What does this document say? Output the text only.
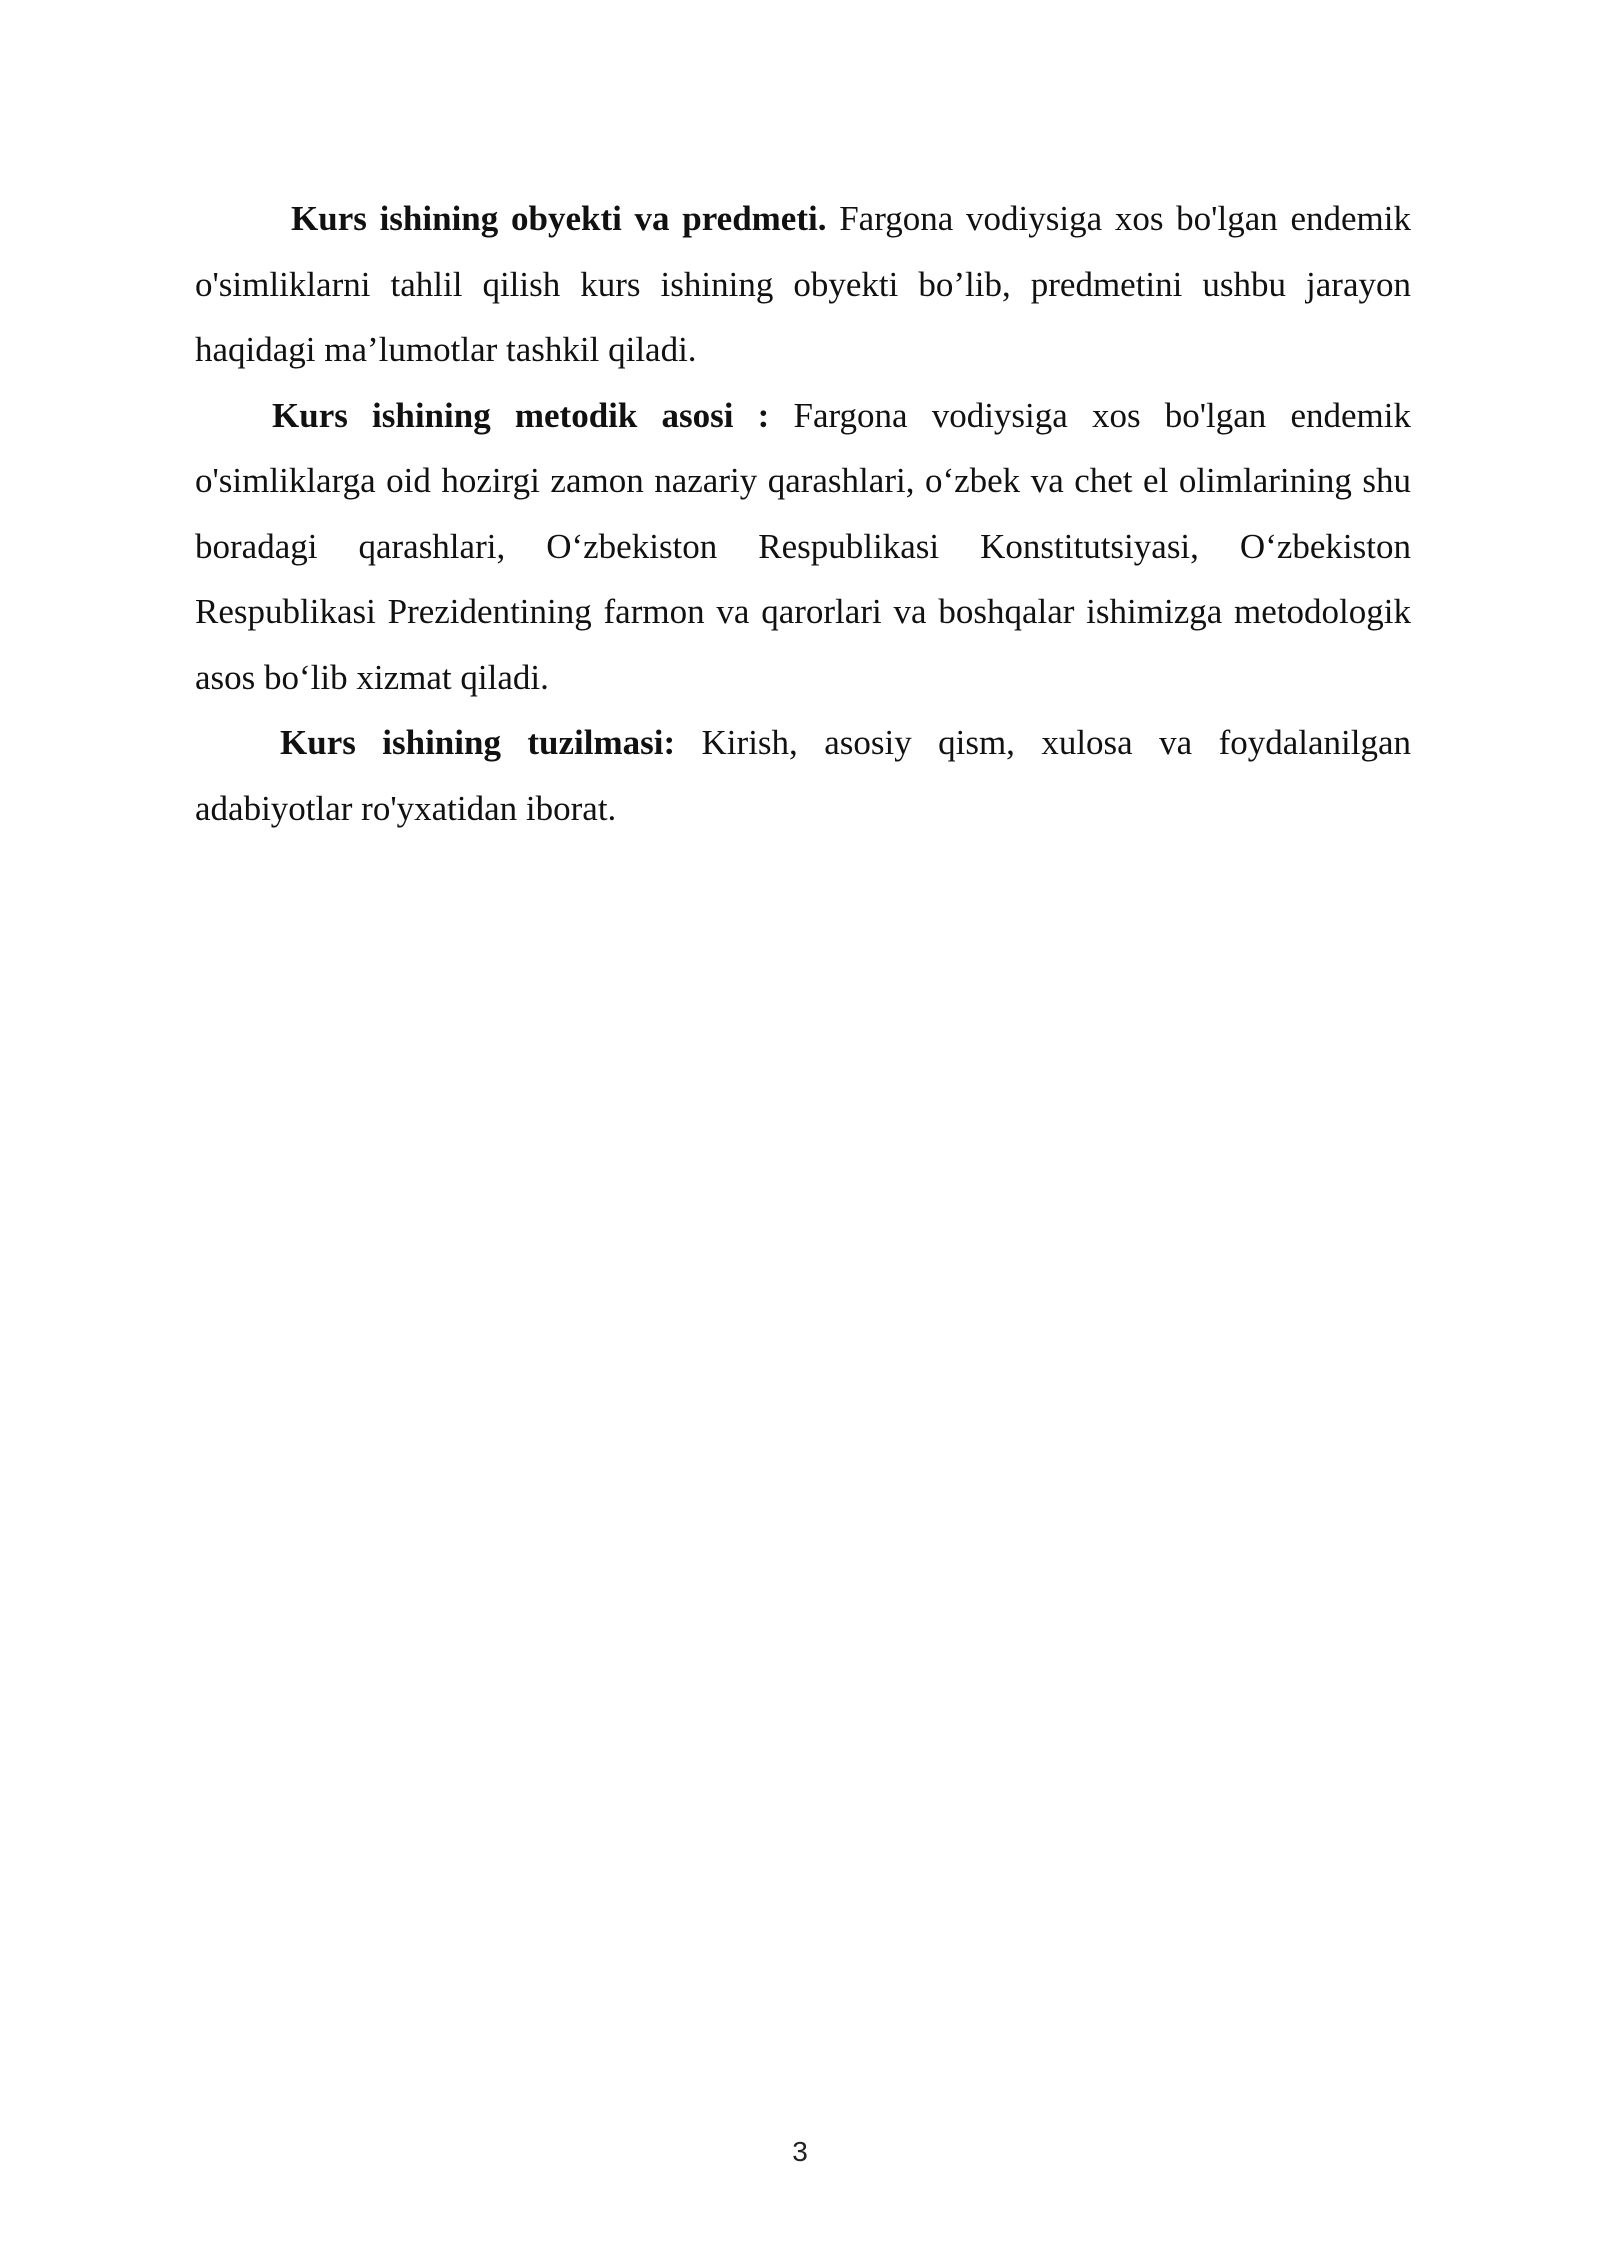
Kurs ishining obyekti va predmeti. Fargona vodiysiga xos bo'lgan endemik o'simliklarni tahlil qilish kurs ishining obyekti bo’lib, predmetini ushbu jarayon haqidagi ma’lumotlar tashkil qiladi.

Kurs ishining metodik asosi : Fargona vodiysiga xos bo'lgan endemik o'simliklarga oid hozirgi zamon nazariy qarashlari, o‘zbek va chet el olimlarining shu boradagi qarashlari, O‘zbekiston Respublikasi Konstitutsiyasi, O‘zbekiston Respublikasi Prezidentining farmon va qarorlari va boshqalar ishimizga metodologik asos bo‘lib xizmat qiladi.

Kurs ishining tuzilmasi: Kirish, asosiy qism, xulosa va foydalanilgan adabiyotlar ro'yxatidan iborat.

3
